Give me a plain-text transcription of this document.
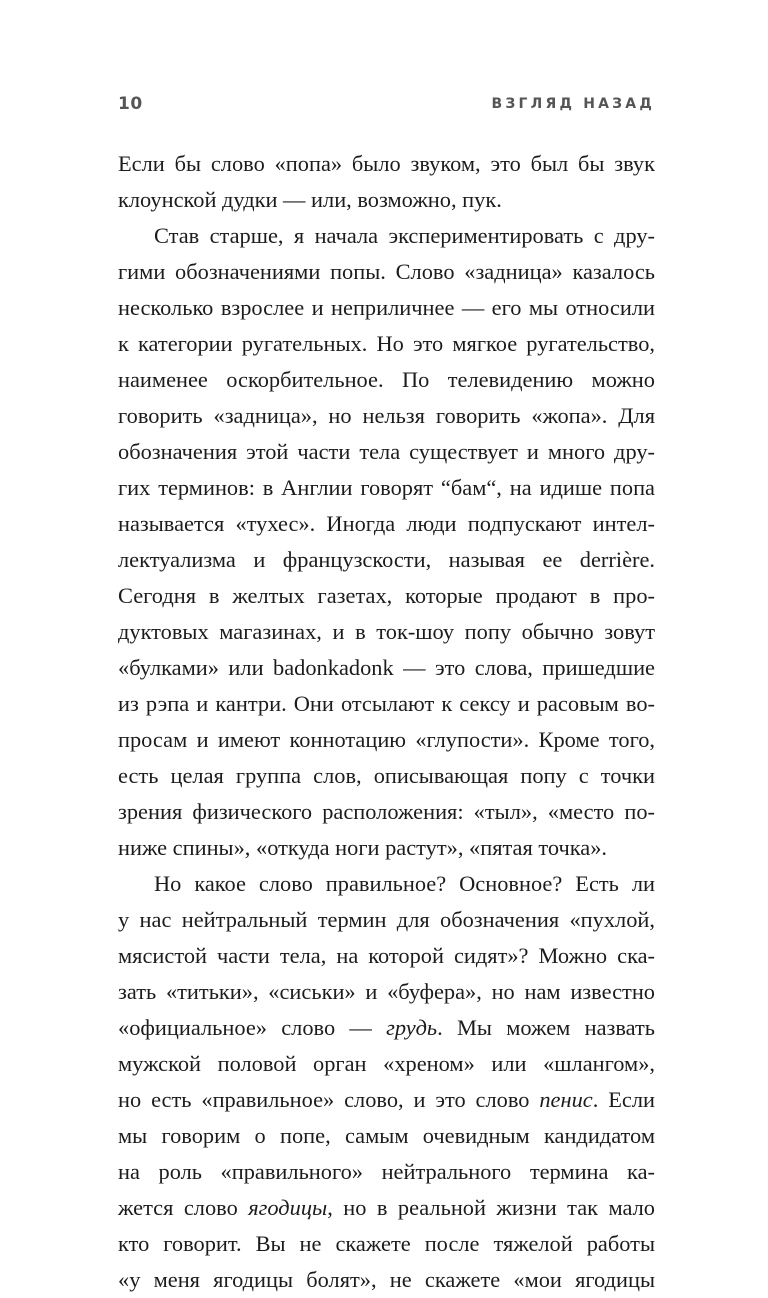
10	ВЗГЛЯД НАЗАД
Если бы слово «попа» было звуком, это был бы звук
клоунской дудки — или, возможно, пук.
Став старше, я начала экспериментировать с дру-
гими обозначениями попы. Слово «задница» казалось
несколько взрослее и неприличнее — его мы относили
к категории ругательных. Но это мягкое ругательство,
наименее оскорбительное. По телевидению можно
говорить «задница», но нельзя говорить «жопа». Для
обозначения этой части тела существует и много дру-
гих терминов: в Англии говорят “бам“, на идише попа
называется «тухес». Иногда люди подпускают интел-
лектуализма и французскости, называя ее derrière.
Сегодня в желтых газетах, которые продают в про-
дуктовых магазинах, и в ток-шоу попу обычно зовут
«булками» или badonkadonk — это слова, пришедшие
из рэпа и кантри. Они отсылают к сексу и расовым во-
просам и имеют коннотацию «глупости». Кроме того,
есть целая группа слов, описывающая попу с точки
зрения физического расположения: «тыл», «место по-
ниже спины», «откуда ноги растут», «пятая точка».
Но какое слово правильное? Основное? Есть ли
у нас нейтральный термин для обозначения «пухлой,
мясистой части тела, на которой сидят»? Можно ска-
зать «титьки», «сиськи» и «буфера», но нам известно
«официальное» слово — грудь. Мы можем назвать
мужской половой орган «хреном» или «шлангом»,
но есть «правильное» слово, и это слово пенис. Если
мы говорим о попе, самым очевидным кандидатом
на роль «правильного» нейтрального термина ка-
жется слово ягодицы, но в реальной жизни так мало
кто говорит. Вы не скажете после тяжелой работы
«у меня ягодицы болят», не скажете «мои ягодицы
